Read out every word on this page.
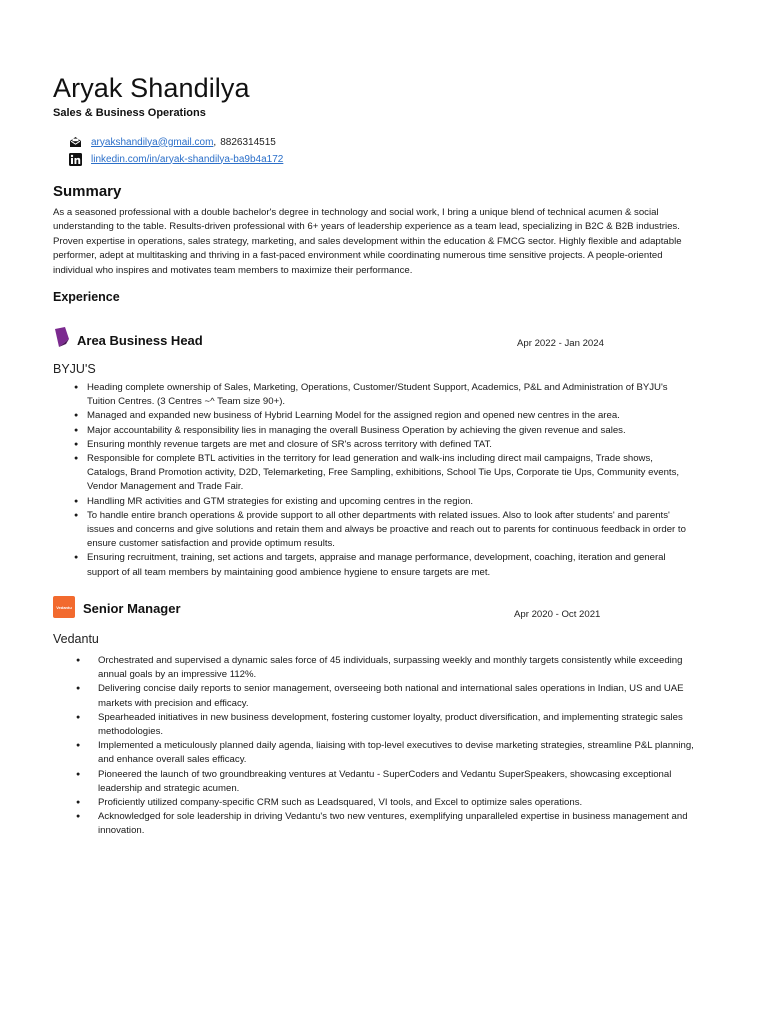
Aryak Shandilya
Sales & Business Operations
aryakshandilya@gmail.com , 8826314515
linkedin.com/in/aryak-shandilya-ba9b4a172
Summary
As a seasoned professional with a double bachelor's degree in technology and social work, I bring a unique blend of technical acumen & social understanding to the table. Results-driven professional with 6+ years of leadership experience as a team lead, specializing in B2C & B2B industries. Proven expertise in operations, sales strategy, marketing, and sales development within the education & FMCG sector. Highly flexible and adaptable performer, adept at multitasking and thriving in a fast-paced environment while coordinating numerous time sensitive projects. A people-oriented individual who inspires and motivates team members to maximize their performance.
Experience
Area Business Head	Apr 2022 - Jan 2024
BYJU'S
● Heading complete ownership of Sales, Marketing, Operations, Customer/Student Support, Academics, P&L and Administration of BYJU's Tuition Centres. (3 Centres ~^ Team size 90+).
● Managed and expanded new business of Hybrid Learning Model for the assigned region and opened new centres in the area.
● Major accountability & responsibility lies in managing the overall Business Operation by achieving the given revenue and sales.
● Ensuring monthly revenue targets are met and closure of SR's across territory with defined TAT.
● Responsible for complete BTL activities in the territory for lead generation and walk-ins including direct mail campaigns, Trade shows, Catalogs, Brand Promotion activity, D2D, Telemarketing, Free Sampling, exhibitions, School Tie Ups, Corporate tie Ups, Community events, Vendor Management and Trade Fair.
● Handling MR activities and GTM strategies for existing and upcoming centres in the region.
● To handle entire branch operations & provide support to all other departments with related issues. Also to look after students' and parents' issues and concerns and give solutions and retain them and always be proactive and reach out to parents for continuous feedback in order to ensure customer satisfaction and provide optimum results.
● Ensuring recruitment, training, set actions and targets, appraise and manage performance, development, coaching, iteration and general support of all team members by maintaining good ambience hygiene to ensure targets are met.
Vedantu Senior Manager	Apr 2020 - Oct 2021
Vedantu
● Orchestrated and supervised a dynamic sales force of 45 individuals, surpassing weekly and monthly targets consistently while exceeding annual goals by an impressive 112%.
● Delivering concise daily reports to senior management, overseeing both national and international sales operations in Indian, US and UAE markets with precision and efficacy.
● Spearheaded initiatives in new business development, fostering customer loyalty, product diversification, and implementing strategic sales methodologies.
● Implemented a meticulously planned daily agenda, liaising with top-level executives to devise marketing strategies, streamline P&L planning, and enhance overall sales efficacy.
● Pioneered the launch of two groundbreaking ventures at Vedantu - SuperCoders and Vedantu SuperSpeakers, showcasing exceptional leadership and strategic acumen.
● Proficiently utilized company-specific CRM such as Leadsquared, VI tools, and Excel to optimize sales operations.
● Acknowledged for sole leadership in driving Vedantu's two new ventures, exemplifying unparalleled expertise in business management and innovation.
